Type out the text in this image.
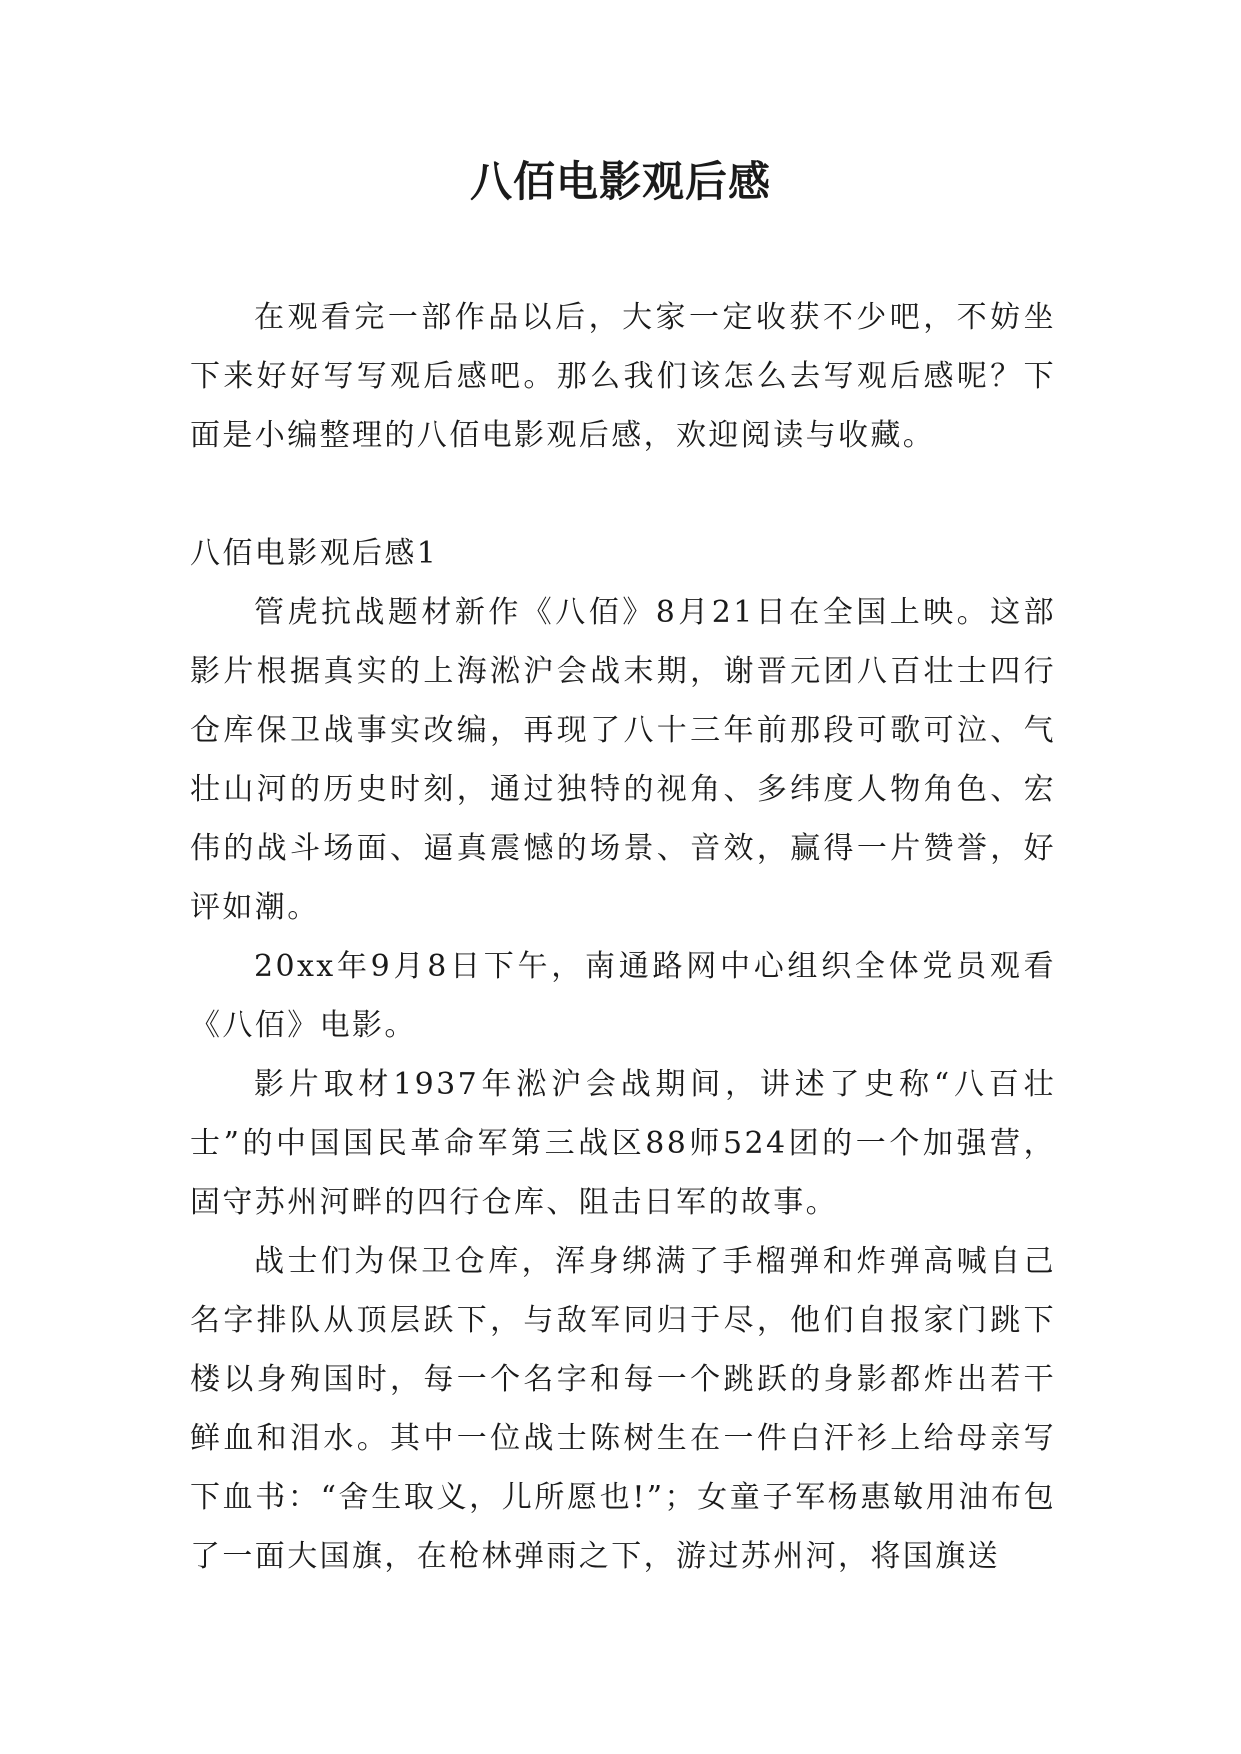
八佰电影观后感

在观看完一部作品以后，大家一定收获不少吧，不妨坐下来好好写写观后感吧。那么我们该怎么去写观后感呢？下面是小编整理的八佰电影观后感，欢迎阅读与收藏。

八佰电影观后感1

管虎抗战题材新作《八佰》8月21日在全国上映。这部影片根据真实的上海淞沪会战末期，谢晋元团八百壮士四行仓库保卫战事实改编，再现了八十三年前那段可歌可泣、气壮山河的历史时刻，通过独特的视角、多纬度人物角色、宏伟的战斗场面、逼真震憾的场景、音效，赢得一片赞誉，好评如潮。

20xx年9月8日下午，南通路网中心组织全体党员观看《八佰》电影。

影片取材1937年淞沪会战期间，讲述了史称“八百壮士”的中国国民革命军第三战区88师524团的一个加强营，固守苏州河畔的四行仓库、阻击日军的故事。

战士们为保卫仓库，浑身绑满了手榴弹和炸弹高喊自己名字排队从顶层跃下，与敌军同归于尽，他们自报家门跳下楼以身殉国时，每一个名字和每一个跳跃的身影都炸出若干鲜血和泪水。其中一位战士陈树生在一件白汗衫上给母亲写下血书：“舍生取义，儿所愿也!”；女童子军杨惠敏用油布包了一面大国旗，在枪林弹雨之下，游过苏州河，将国旗送
